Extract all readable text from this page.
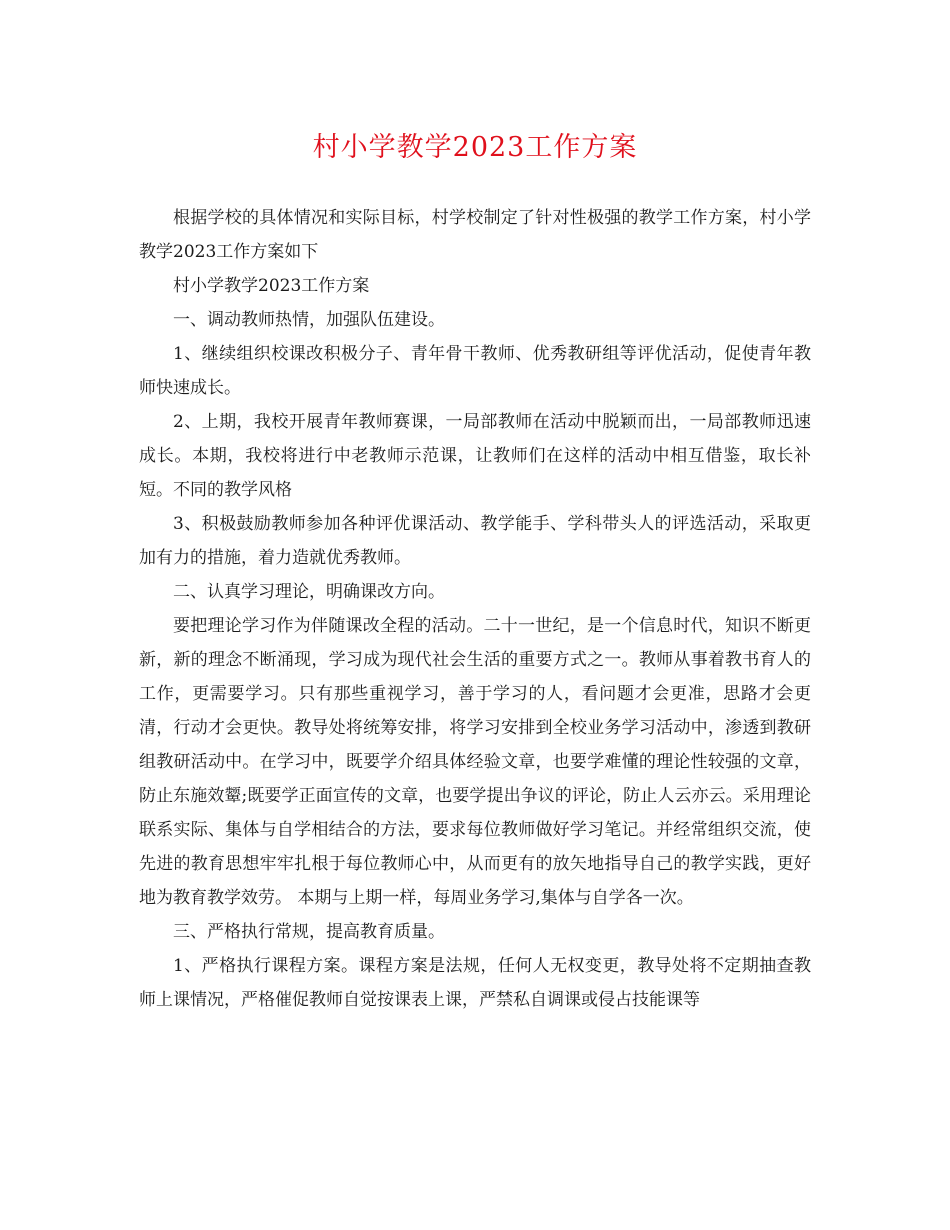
村小学教学2023工作方案

根据学校的具体情况和实际目标，村学校制定了针对性极强的教学工作方案，村小学教学2023工作方案如下

村小学教学2023工作方案

一、调动教师热情，加强队伍建设。

1、继续组织校课改积极分子、青年骨干教师、优秀教研组等评优活动，促使青年教师快速成长。

2、上期，我校开展青年教师赛课，一局部教师在活动中脱颖而出，一局部教师迅速成长。本期，我校将进行中老教师示范课，让教师们在这样的活动中相互借鉴，取长补短。不同的教学风格

3、积极鼓励教师参加各种评优课活动、教学能手、学科带头人的评选活动，采取更加有力的措施，着力造就优秀教师。

二、认真学习理论，明确课改方向。

要把理论学习作为伴随课改全程的活动。二十一世纪，是一个信息时代，知识不断更新，新的理念不断涌现，学习成为现代社会生活的重要方式之一。教师从事着教书育人的工作，更需要学习。只有那些重视学习，善于学习的人，看问题才会更准，思路才会更清，行动才会更快。教导处将统筹安排，将学习安排到全校业务学习活动中，渗透到教研组教研活动中。在学习中，既要学介绍具体经验文章，也要学难懂的理论性较强的文章，防止东施效颦;既要学正面宣传的文章，也要学提出争议的评论，防止人云亦云。采用理论联系实际、集体与自学相结合的方法，要求每位教师做好学习笔记。并经常组织交流，使先进的教育思想牢牢扎根于每位教师心中，从而更有的放矢地指导自己的教学实践，更好地为教育教学效劳。 本期与上期一样，每周业务学习,集体与自学各一次。

三、严格执行常规，提高教育质量。

1、严格执行课程方案。课程方案是法规，任何人无权变更，教导处将不定期抽查教师上课情况，严格催促教师自觉按课表上课，严禁私自调课或侵占技能课等
